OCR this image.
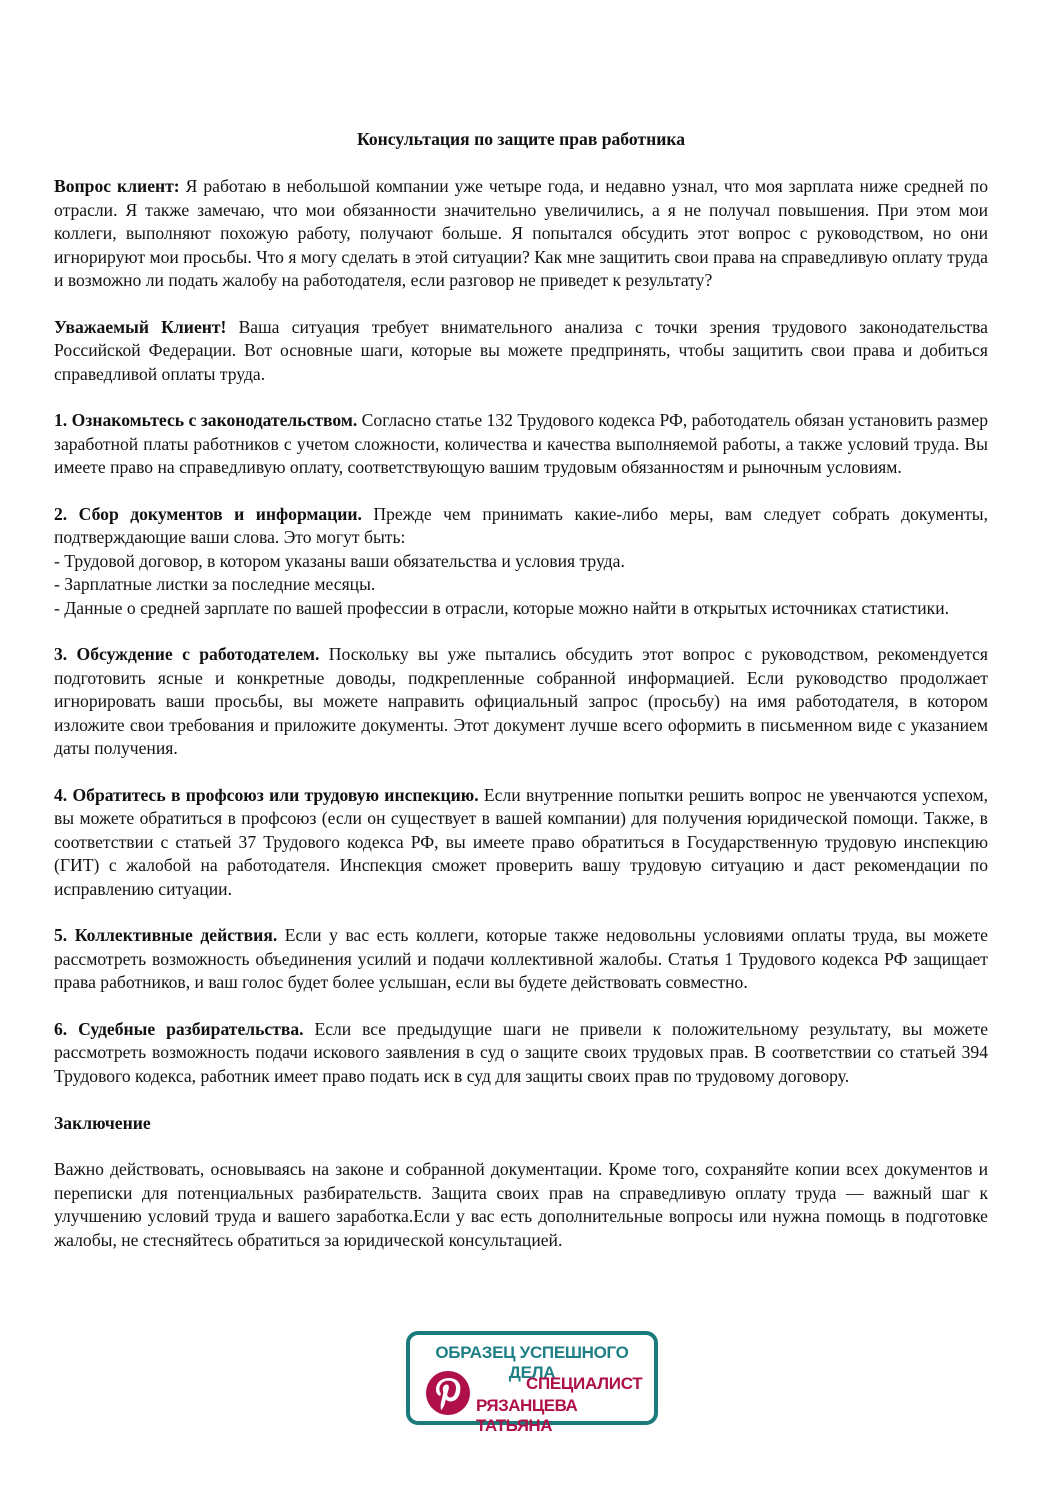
Консультация по защите прав работника

Вопрос клиент: Я работаю в небольшой компании уже четыре года, и недавно узнал, что моя зарплата ниже средней по отрасли. Я также замечаю, что мои обязанности значительно увеличились, а я не получал повышения. При этом мои коллеги, выполняют похожую работу, получают больше. Я попытался обсудить этот вопрос с руководством, но они игнорируют мои просьбы. Что я могу сделать в этой ситуации? Как мне защитить свои права на справедливую оплату труда и возможно ли подать жалобу на работодателя, если разговор не приведет к результату?

Уважаемый Клиент! Ваша ситуация требует внимательного анализа с точки зрения трудового законодательства Российской Федерации. Вот основные шаги, которые вы можете предпринять, чтобы защитить свои права и добиться справедливой оплаты труда.

1. Ознакомьтесь с законодательством. Согласно статье 132 Трудового кодекса РФ, работодатель обязан установить размер заработной платы работников с учетом сложности, количества и качества выполняемой работы, а также условий труда. Вы имеете право на справедливую оплату, соответствующую вашим трудовым обязанностям и рыночным условиям.

2. Сбор документов и информации. Прежде чем принимать какие-либо меры, вам следует собрать документы, подтверждающие ваши слова. Это могут быть:
- Трудовой договор, в котором указаны ваши обязательства и условия труда.
- Зарплатные листки за последние месяцы.
- Данные о средней зарплате по вашей профессии в отрасли, которые можно найти в открытых источниках статистики.

3. Обсуждение с работодателем. Поскольку вы уже пытались обсудить этот вопрос с руководством, рекомендуется подготовить ясные и конкретные доводы, подкрепленные собранной информацией. Если руководство продолжает игнорировать ваши просьбы, вы можете направить официальный запрос (просьбу) на имя работодателя, в котором изложите свои требования и приложите документы. Этот документ лучше всего оформить в письменном виде с указанием даты получения.

4. Обратитесь в профсоюз или трудовую инспекцию. Если внутренние попытки решить вопрос не увенчаются успехом, вы можете обратиться в профсоюз (если он существует в вашей компании) для получения юридической помощи. Также, в соответствии с статьей 37 Трудового кодекса РФ, вы имеете право обратиться в Государственную трудовую инспекцию (ГИТ) с жалобой на работодателя. Инспекция сможет проверить вашу трудовую ситуацию и даст рекомендации по исправлению ситуации.

5. Коллективные действия. Если у вас есть коллеги, которые также недовольны условиями оплаты труда, вы можете рассмотреть возможность объединения усилий и подачи коллективной жалобы. Статья 1 Трудового кодекса РФ защищает права работников, и ваш голос будет более услышан, если вы будете действовать совместно.

6. Судебные разбирательства. Если все предыдущие шаги не привели к положительному результату, вы можете рассмотреть возможность подачи искового заявления в суд о защите своих трудовых прав. В соответствии со статьей 394 Трудового кодекса, работник имеет право подать иск в суд для защиты своих прав по трудовому договору.

Заключение

Важно действовать, основываясь на законе и собранной документации. Кроме того, сохраняйте копии всех документов и переписки для потенциальных разбирательств. Защита своих прав на справедливую оплату труда — важный шаг к улучшению условий труда и вашего заработка.Если у вас есть дополнительные вопросы или нужна помощь в подготовке жалобы, не стесняйтесь обратиться за юридической консультацией.

ОБРАЗЕЦ УСПЕШНОГО ДЕЛА
СПЕЦИАЛИСТ
РЯЗАНЦЕВА ТАТЬЯНА
